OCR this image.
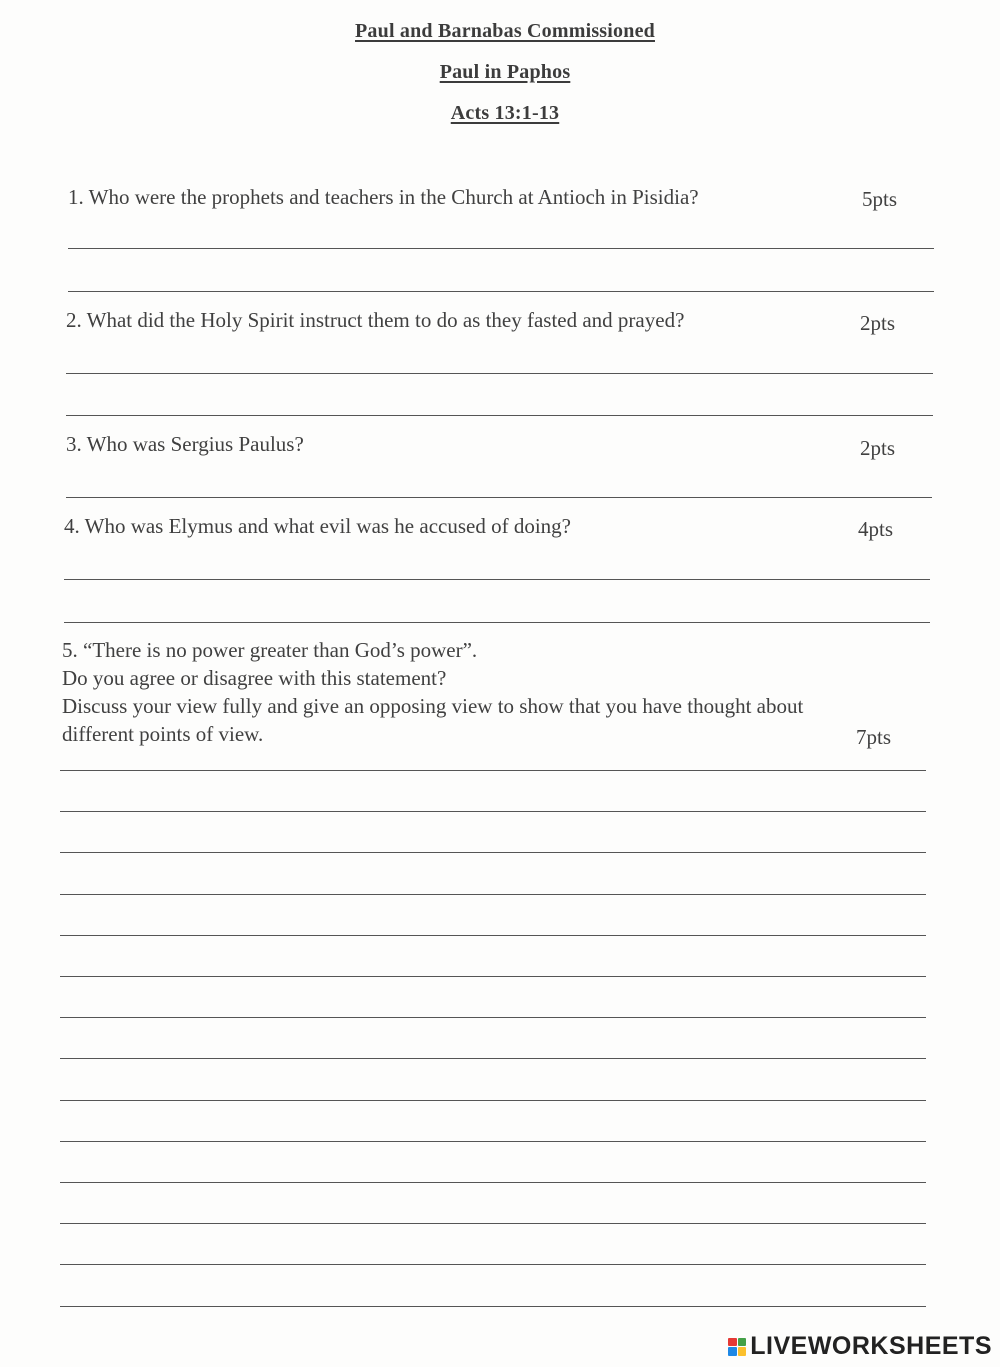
Paul and Barnabas Commissioned
Paul in Paphos
Acts 13:1-13
1. Who were the prophets and teachers in the Church at Antioch in Pisidia?	5pts
2. What did the Holy Spirit instruct them to do as they fasted and prayed?	2pts
3. Who was Sergius Paulus?	2pts
4. Who was Elymus and what evil was he accused of doing?	4pts
5. “There is no power greater than God’s power”.
Do you agree or disagree with this statement?
Discuss your view fully and give an opposing view to show that you have thought about
different points of view.	7pts
LIVEWORKSHEETS
